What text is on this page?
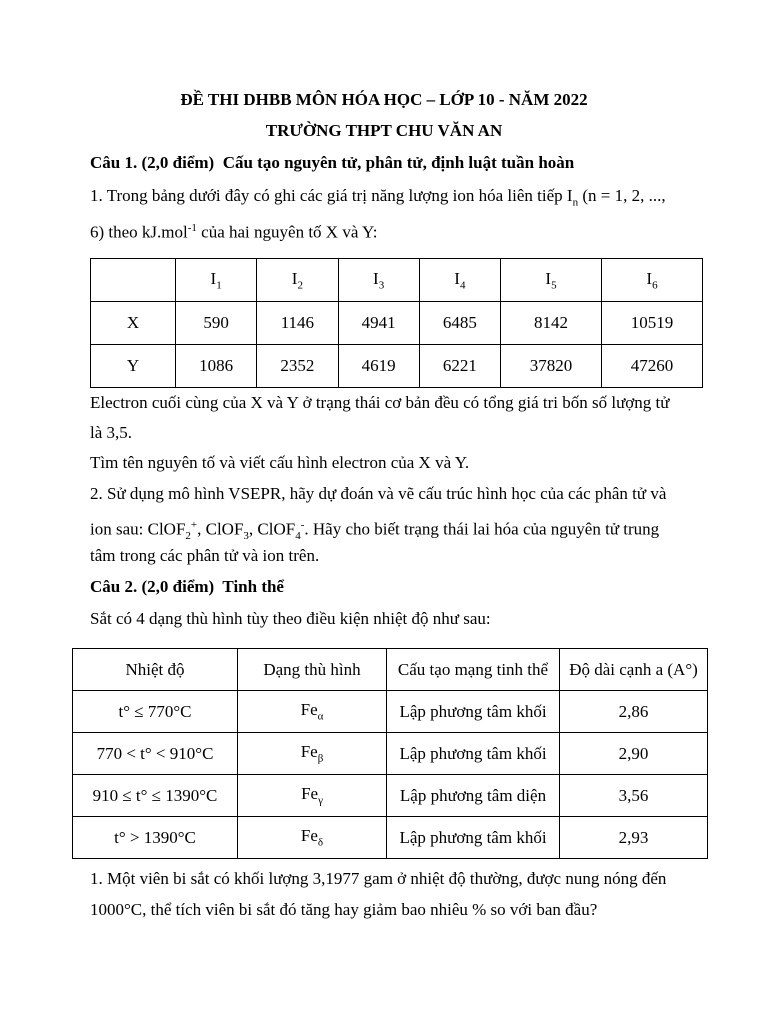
ĐỀ THI DHBB MÔN HÓA HỌC – LỚP 10 - NĂM 2022
TRƯỜNG THPT CHU VĂN AN
Câu 1. (2,0 điểm) Cấu tạo nguyên tử, phân tử, định luật tuần hoàn
1. Trong bảng dưới đây có ghi các giá trị năng lượng ion hóa liên tiếp $I_n$ (n = 1, 2, ...,
6) theo kJ.mol$^{-1}$ của hai nguyên tố X và Y:
	$I_1$	$I_2$	$I_3$	$I_4$	$I_5$	$I_6$
X	590	1146	4941	6485	8142	10519
Y	1086	2352	4619	6221	37820	47260
Electron cuối cùng của X và Y ở trạng thái cơ bản đều có tổng giá tri bốn số lượng tử
là 3,5.
Tìm tên nguyên tố và viết cấu hình electron của X và Y.
2. Sử dụng mô hình VSEPR, hãy dự đoán và vẽ cấu trúc hình học của các phân tử và
ion sau: ClOF$_2$+, ClOF$_3$, ClOF$_4$-. Hãy cho biết trạng thái lai hóa của nguyên tử trung
tâm trong các phân tử và ion trên.
Câu 2. (2,0 điểm) Tinh thể
Sắt có 4 dạng thù hình tùy theo điều kiện nhiệt độ như sau:
Nhiệt độ	Dạng thù hình	Cấu tạo mạng tinh thể	Độ dài cạnh a (A°)
t° ≤ 770°C	$Fe_\alpha$	Lập phương tâm khối	2,86
770 < t° < 910°C	$Fe_\beta$	Lập phương tâm khối	2,90
910 ≤ t° ≤ 1390°C	$Fe_\gamma$	Lập phương tâm diện	3,56
t° > 1390°C	$Fe_\delta$	Lập phương tâm khối	2,93
1. Một viên bi sắt có khối lượng 3,1977 gam ở nhiệt độ thường, được nung nóng đến
1000°C, thể tích viên bi sắt đó tăng hay giảm bao nhiêu % so với ban đầu?
